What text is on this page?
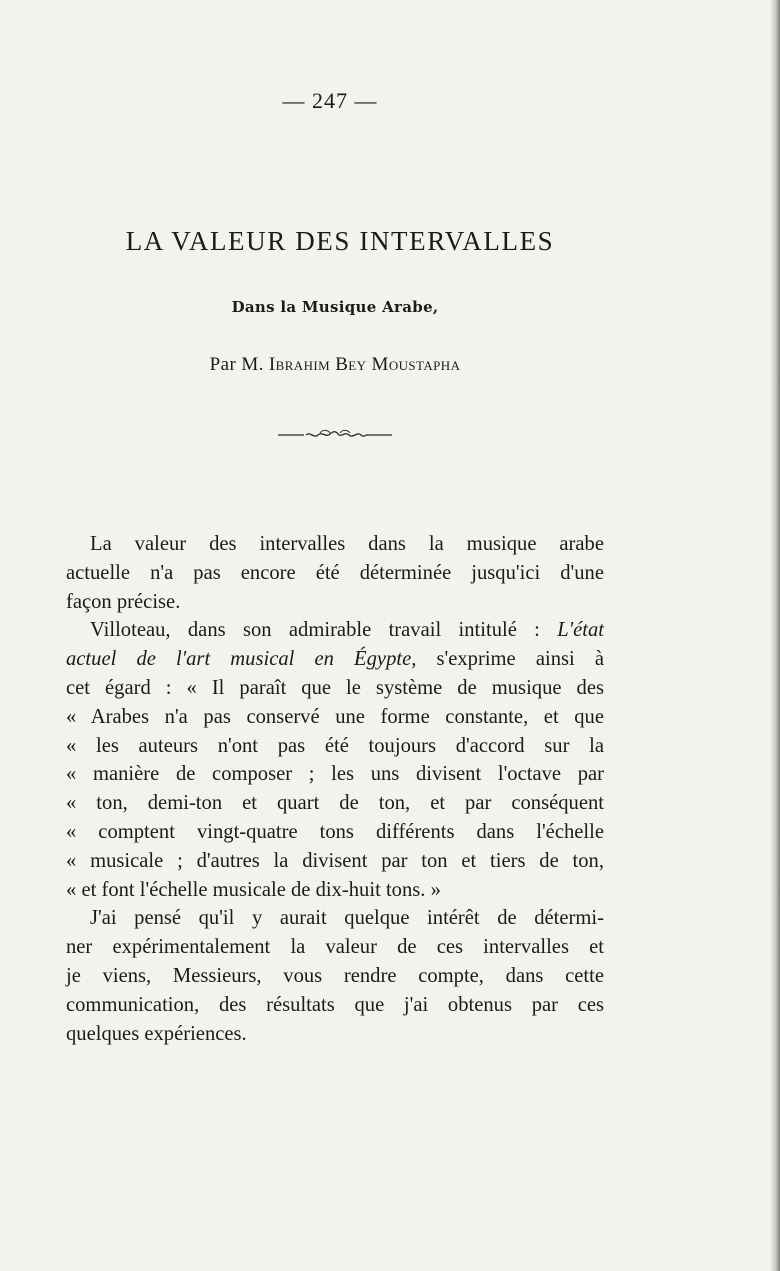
— 247 —
LA VALEUR DES INTERVALLES
Dans la Musique Arabe,
Par M. Ibrahim Bey Moustapha

La valeur des intervalles dans la musique arabe
actuelle n'a pas encore été déterminée jusqu'ici d'une
façon précise.

Villoteau, dans son admirable travail intitulé : L'état
actuel de l'art musical en Égypte, s'exprime ainsi à
cet égard : « Il paraît que le système de musique des
« Arabes n'a pas conservé une forme constante, et que
« les auteurs n'ont pas été toujours d'accord sur la
« manière de composer ; les uns divisent l'octave par
« ton, demi-ton et quart de ton, et par conséquent
« comptent vingt-quatre tons différents dans l'échelle
« musicale ; d'autres la divisent par ton et tiers de ton,
« et font l'échelle musicale de dix-huit tons. »

J'ai pensé qu'il y aurait quelque intérêt de détermi-
ner expérimentalement la valeur de ces intervalles et
je viens, Messieurs, vous rendre compte, dans cette
communication, des résultats que j'ai obtenus par ces
quelques expériences.
